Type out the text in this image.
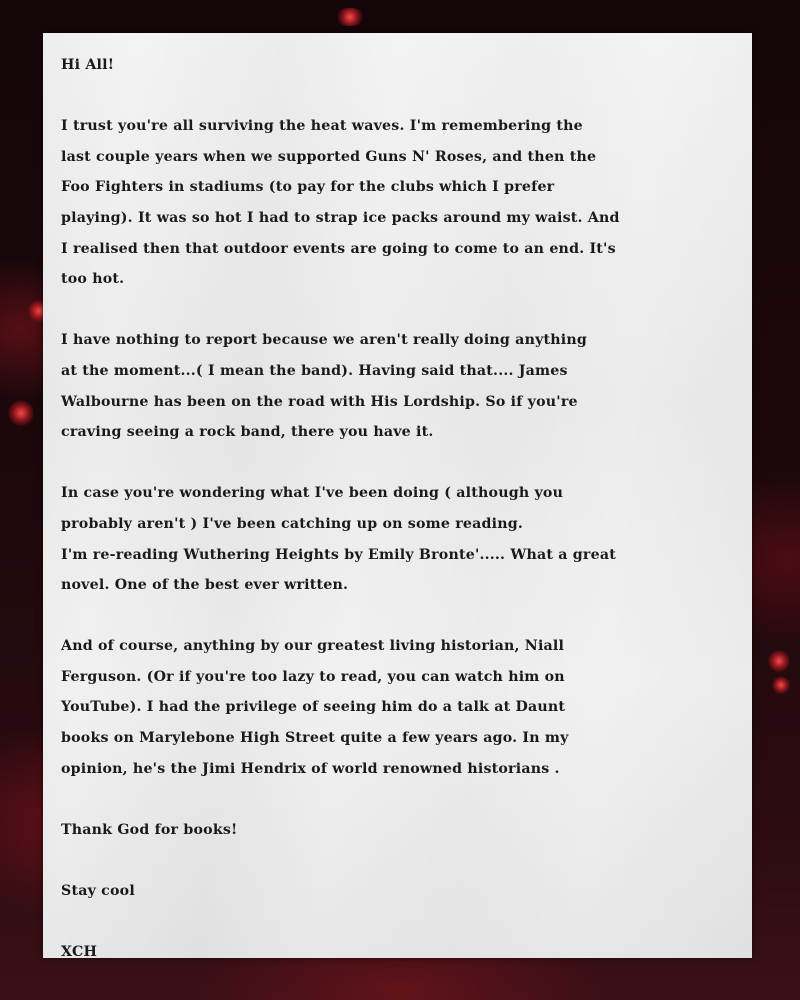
Hi All!

I trust you're all surviving the heat waves. I'm remembering the
last couple years when we supported Guns N' Roses, and then the
Foo Fighters in stadiums (to pay for the clubs which I prefer
playing). It was so hot I had to strap ice packs around my waist. And
I realised then that outdoor events are going to come to an end. It's
too hot.

I have nothing to report because we aren't really doing anything
at the moment...( I mean the band). Having said that.... James
Walbourne has been on the road with His Lordship. So if you're
craving seeing a rock band, there you have it.

In case you're wondering what I've been doing ( although you
probably aren't ) I've been catching up on some reading.
I'm re-reading Wuthering Heights by Emily Bronte'..... What a great
novel. One of the best ever written.

And of course, anything by our greatest living historian, Niall
Ferguson. (Or if you're too lazy to read, you can watch him on
YouTube). I had the privilege of seeing him do a talk at Daunt
books on Marylebone High Street quite a few years ago. In my
opinion, he's the Jimi Hendrix of world renowned historians .

Thank God for books!

Stay cool

XCH
